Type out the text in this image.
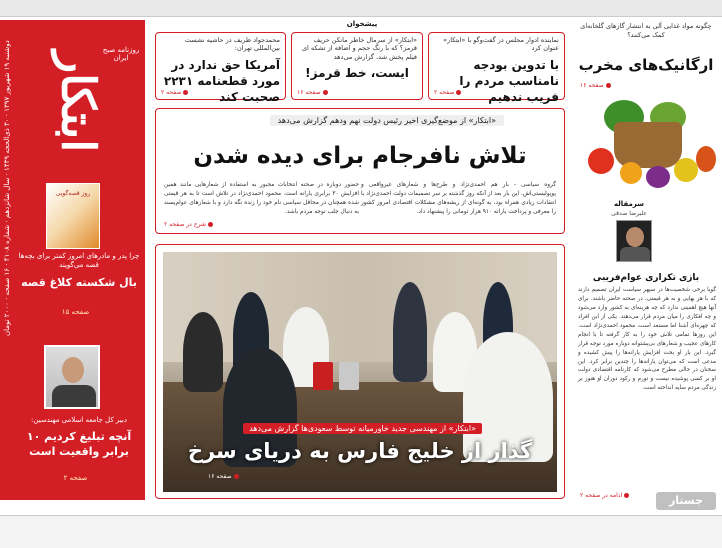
دوشنبه ۱۹ شهریور ۱۳۹۷ · ۳۰ ذی‌الحجه ۱۴۳۹ · سال شانزدهم · شماره ۴۱۰۸ · ۱۶ صفحه · ۲۰۰۰ تومان
ابتکار
روزنامه صبح ایران
روز قصه‌گویی
چرا پدر و مادرهای امروز کمتر برای بچه‌ها قصه می‌گویند
بال شکسته کلاغ قصه
صفحه ۱۵
دبیر کل جامعه اسلامی مهندسین:
آنچه تبلیغ کردیم ۱۰ برابر واقعیت است
صفحه ۲
پیشخوان
نماینده ادوار مجلس در گفت‌وگو با «ابتکار» عنوان کرد
با تدوین بودجه نامناسب مردم را فریب ندهیم
صفحه ۲
«ابتکار» از سرمال خاطر مانکن حریف قرمز؟ که با رنگ حجم و اضافه از تشکه ای فیلم پخش شد، گزارش می‌دهد
ایست، خط قرمز!
صفحه ۱۶
محمدجواد ظریف در حاشیه نشست بین‌المللی تهران:
آمریکا حق ندارد در مورد قطعنامه ۲۲۳۱ صحبت کند
صفحه ۲
«ابتکار» از موضع‌گیری اخیر رئیس دولت نهم ودهم گزارش می‌دهد
تلاش نافرجام برای دیده شدن
گروه سیاسی - بار هم احمدی‌نژاد و طرح‌ها و شعارهای غیرواقعی و پوپولیستی‌اش. این بار بعد از آنکه روز گذشته بر سر تصمیمات دولت احمدی‌نژاد با انتقادات زیادی همراه بود، به گونه‌ای از ریشه‌های مشکلات اقتصادی امروز کشور را معرفی و پرداخت یارانه ۹۱۰ هزار تومانی را پیشنهاد داد.
حضور دوباره در صحنه انتخابات مجبور به استفاده از شعارهایی مانند همین افزایش ۳۰ برابری یارانه است. محمود احمدی‌نژاد در تلاش است تا به هر قیمتی شده همچنان در محافل سیاسی نام خود را زنده نگه دارد و با شعارهای عوام‌پسند به دنبال جلب توجه مردم باشد.
شرح در صفحه ۲
«ابتکار» از مهندسی جدید خاورمیانه توسط سعودی‌ها گزارش می‌دهد
گذار از خلیج فارس به دریای سرخ
صفحه ۱۶
چگونه مواد غذایی آلی به انتشار گازهای گلخانه‌ای کمک می‌کنند؟
ارگانیک‌های مخرب
صفحه ۱۶
سرمقاله
علیرضا صدقی
بازی تکراری عوام‌فریبی
گویا برخی شخصیت‌ها در سپهر سیاست ایران تصمیم دارند که با هر بهایی و به هر قیمتی، در صحنه حاضر باشند. برای آنها هیچ اهمیتی ندارد که چه هزینه‌ای به کشور وارد می‌شود و چه افکاری را میان مردم قرار می‌دهند. یکی از این افراد که چهره‌ای آشنا اما مستعد است، محمود احمدی‌نژاد است. این روزها تمامی تلاش خود را به کار گرفته تا با انجام کارهای عجیب و شعارهای بی‌پشتوانه دوباره مورد توجه قرار گیرد. این بار او بحث افزایش یارانه‌ها را پیش کشیده و مدعی است که می‌توان یارانه‌ها را چندین برابر کرد. این سخنان در حالی مطرح می‌شود که کارنامه اقتصادی دولت او بر کسی پوشیده نیست و تورم و رکود دوران او هنوز بر زندگی مردم سایه انداخته است.
ادامه در صفحه ۲	جستار
